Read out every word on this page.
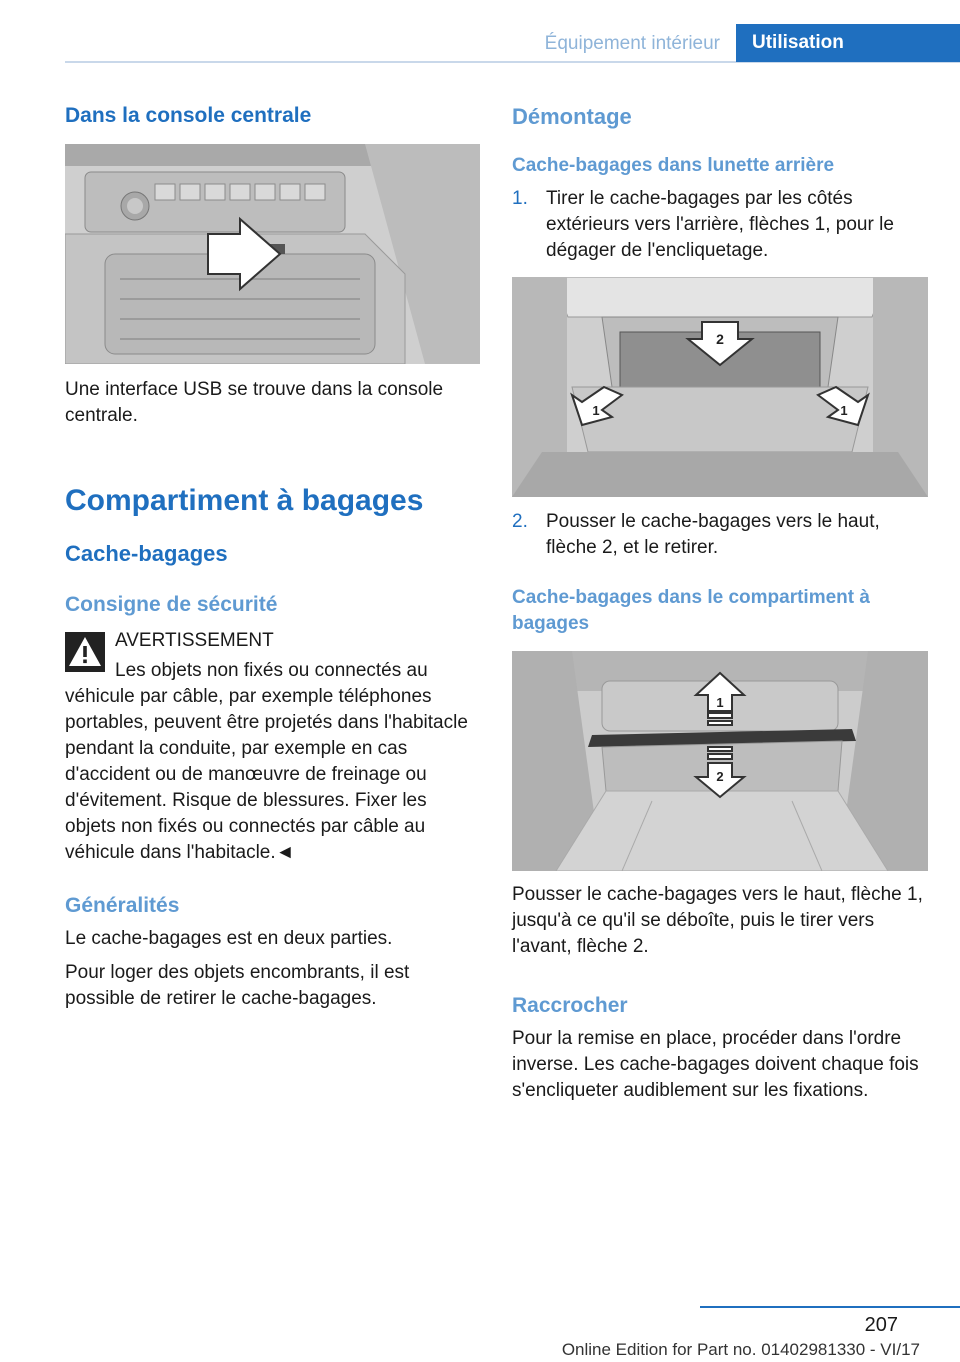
Équipement intérieur	Utilisation
Dans la console centrale
Une interface USB se trouve dans la console centrale.
Compartiment à bagages
Cache-bagages
Consigne de sécurité
AVERTISSEMENT
Les objets non fixés ou connectés au véhicule par câble, par exemple téléphones portables, peuvent être projetés dans l'habitacle pendant la conduite, par exemple en cas d'accident ou de manœuvre de freinage ou d'évitement. Risque de blessures. Fixer les objets non fixés ou connectés par câble au véhicule dans l'habitacle.◄
Généralités
Le cache-bagages est en deux parties.
Pour loger des objets encombrants, il est possible de retirer le cache-bagages.
Démontage
Cache-bagages dans lunette arrière
1. Tirer le cache-bagages par les côtés extérieurs vers l'arrière, flèches 1, pour le dégager de l'encliquetage.
2
1	1
2. Pousser le cache-bagages vers le haut, flèche 2, et le retirer.
Cache-bagages dans le compartiment à bagages
1
2
Pousser le cache-bagages vers le haut, flèche 1, jusqu'à ce qu'il se déboîte, puis le tirer vers l'avant, flèche 2.
Raccrocher
Pour la remise en place, procéder dans l'ordre inverse. Les cache-bagages doivent chaque fois s'encliqueter audiblement sur les fixations.
207
Online Edition for Part no. 01402981330 - VI/17
